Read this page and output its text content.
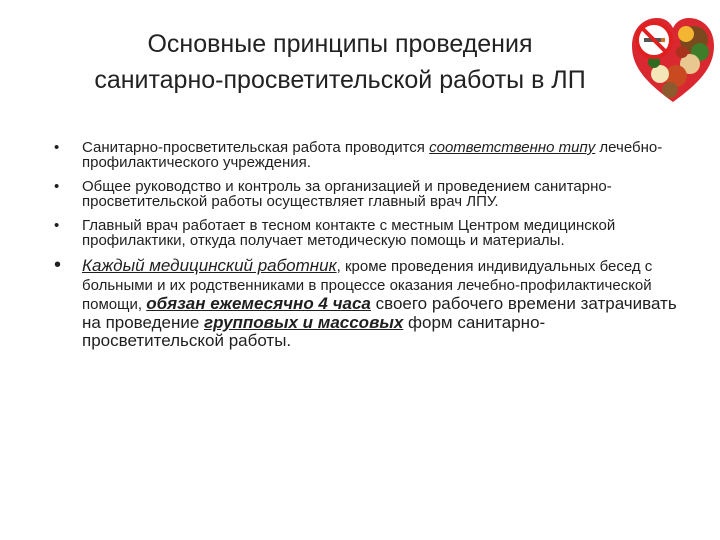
Основные принципы проведения
санитарно-просветительской работы в ЛП
• Санитарно-просветительская работа проводится соответственно типу лечебно-профилактического учреждения.
• Общее руководство и контроль за организацией и проведением санитарно-просветительской работы осуществляет главный врач ЛПУ.
• Главный врач работает в тесном контакте с местным Центром медицинской профилактики, откуда получает методическую помощь и материалы.
• Каждый медицинский работник, кроме проведения индивидуальных бесед с больными и их родственниками в процессе оказания лечебно-профилактической помощи, обязан ежемесячно 4 часа своего рабочего времени затрачивать на проведение групповых и массовых форм санитарно-просветительской работы.
